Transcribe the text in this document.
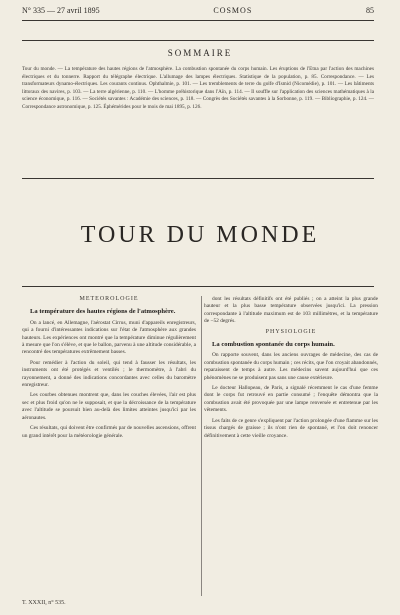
N° 335 — 27 avril 1895	COSMOS	85
SOMMAIRE
Tour du monde. — La température des hautes régions de l'atmosphère. La combustion spontanée du corps humain. Les éruptions de l'Etna par l'action des machines électriques et du tonnerre. Rapport du télégraphe électrique. L'allumage des lampes électriques. Statistique de la population, p. 85. Correspondance. — Les transformateurs dynamo-électriques. Les courants continus. Ophthalmie, p. 101. — Les tremblements de terre du golfe d'Ismid (Nicomédie), p. 101. — Les bâtiments littoraux des navires, p. 103. — La terre algérienne, p. 110. — L'homme préhistorique dans l'Aïn, p. 114. — Il souffle sur l'application des sciences mathématiques à la science économique, p. 116. — Sociétés savantes : Académie des sciences, p. 118. — Congrès des Sociétés savantes à la Sorbonne, p. 119. — Bibliographie, p. 124. — Correspondance astronomique, p. 125. Éphémérides pour le mois de mai 1895, p. 126.
TOUR DU MONDE
MÉTÉOROLOGIE

La température des hautes régions de l'atmosphère.

On a lancé, en Allemagne, l'aérostat Cirrus, muni d'appareils enregistreurs, qui a fourni d'intéressantes indications sur l'état de l'atmosphère aux grandes hauteurs. Les expériences ont montré que la température diminue régulièrement à mesure que l'on s'élève, et que le ballon, parvenu à une altitude considérable, a rencontré des températures extrêmement basses.

Pour remédier à l'action du soleil, qui tend à fausser les résultats, les instruments ont été protégés et ventilés ; le thermomètre, à l'abri du rayonnement, a donné des indications concordantes avec celles du baromètre enregistreur.

Les courbes obtenues montrent que, dans les couches élevées, l'air est plus sec et plus froid qu'on ne le supposait, et que la décroissance de la température avec l'altitude se poursuit bien au-delà des limites atteintes jusqu'ici par les aéronautes.

Ces résultats, qui doivent être confirmés par de nouvelles ascensions, offrent un grand intérêt pour la météorologie générale.

dont les résultats définitifs ont été publiés ; on a atteint la plus grande hauteur et la plus basse température observées jusqu'ici. La pression correspondante à l'altitude maximum est de 103 millimètres, et la température de −52 degrés.

PHYSIOLOGIE

La combustion spontanée du corps humain.

On rapporte souvent, dans les anciens ouvrages de médecine, des cas de combustion spontanée du corps humain ; ces récits, que l'on croyait abandonnés, reparaissent de temps à autre. Les médecins savent aujourd'hui que ces phénomènes ne se produisent pas sans une cause extérieure.

Le docteur Hallopeau, de Paris, a signalé récemment le cas d'une femme dont le corps fut retrouvé en partie consumé ; l'enquête démontra que la combustion avait été provoquée par une lampe renversée et entretenue par les vêtements.

Les faits de ce genre s'expliquent par l'action prolongée d'une flamme sur les tissus chargés de graisse ; ils n'ont rien de spontané, et l'on doit renoncer définitivement à cette vieille croyance.

T. XXXII, n° 535.
